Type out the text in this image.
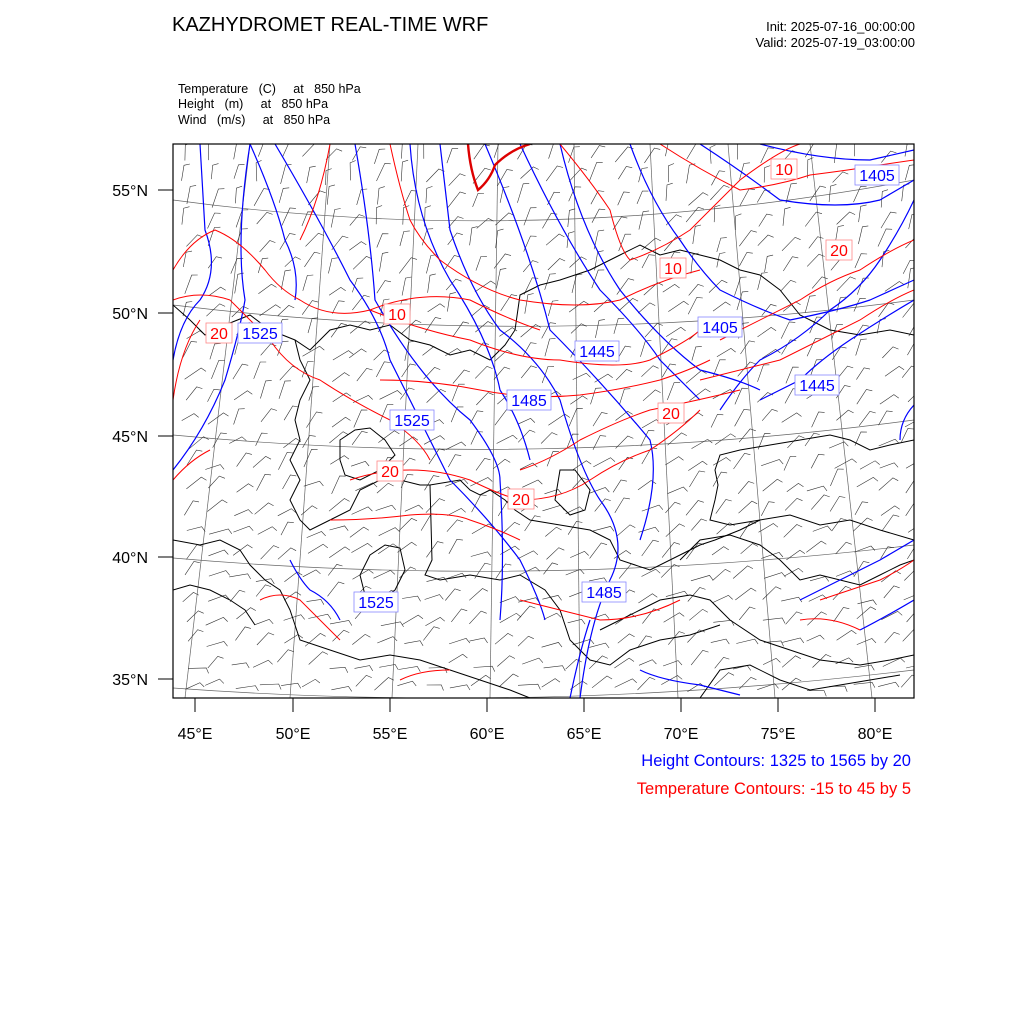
KAZHYDROMET REAL-TIME WRF	Init: 2025-07-16_00:00:00
Valid: 2025-07-19_03:00:00
Temperature   (C)     at   850 hPa
Height   (m)     at   850 hPa
Wind   (m/s)     at   850 hPa
55°N
50°N
45°N
40°N
35°N
45°E	50°E	55°E	60°E	65°E	70°E	75°E	80°E
1405
1525
1445
1405
1485
1525
1445
1525
1485
10
20
10
10
20
20
20
20
Height Contours: 1325 to 1565 by 20
Temperature Contours: -15 to 45 by 5
